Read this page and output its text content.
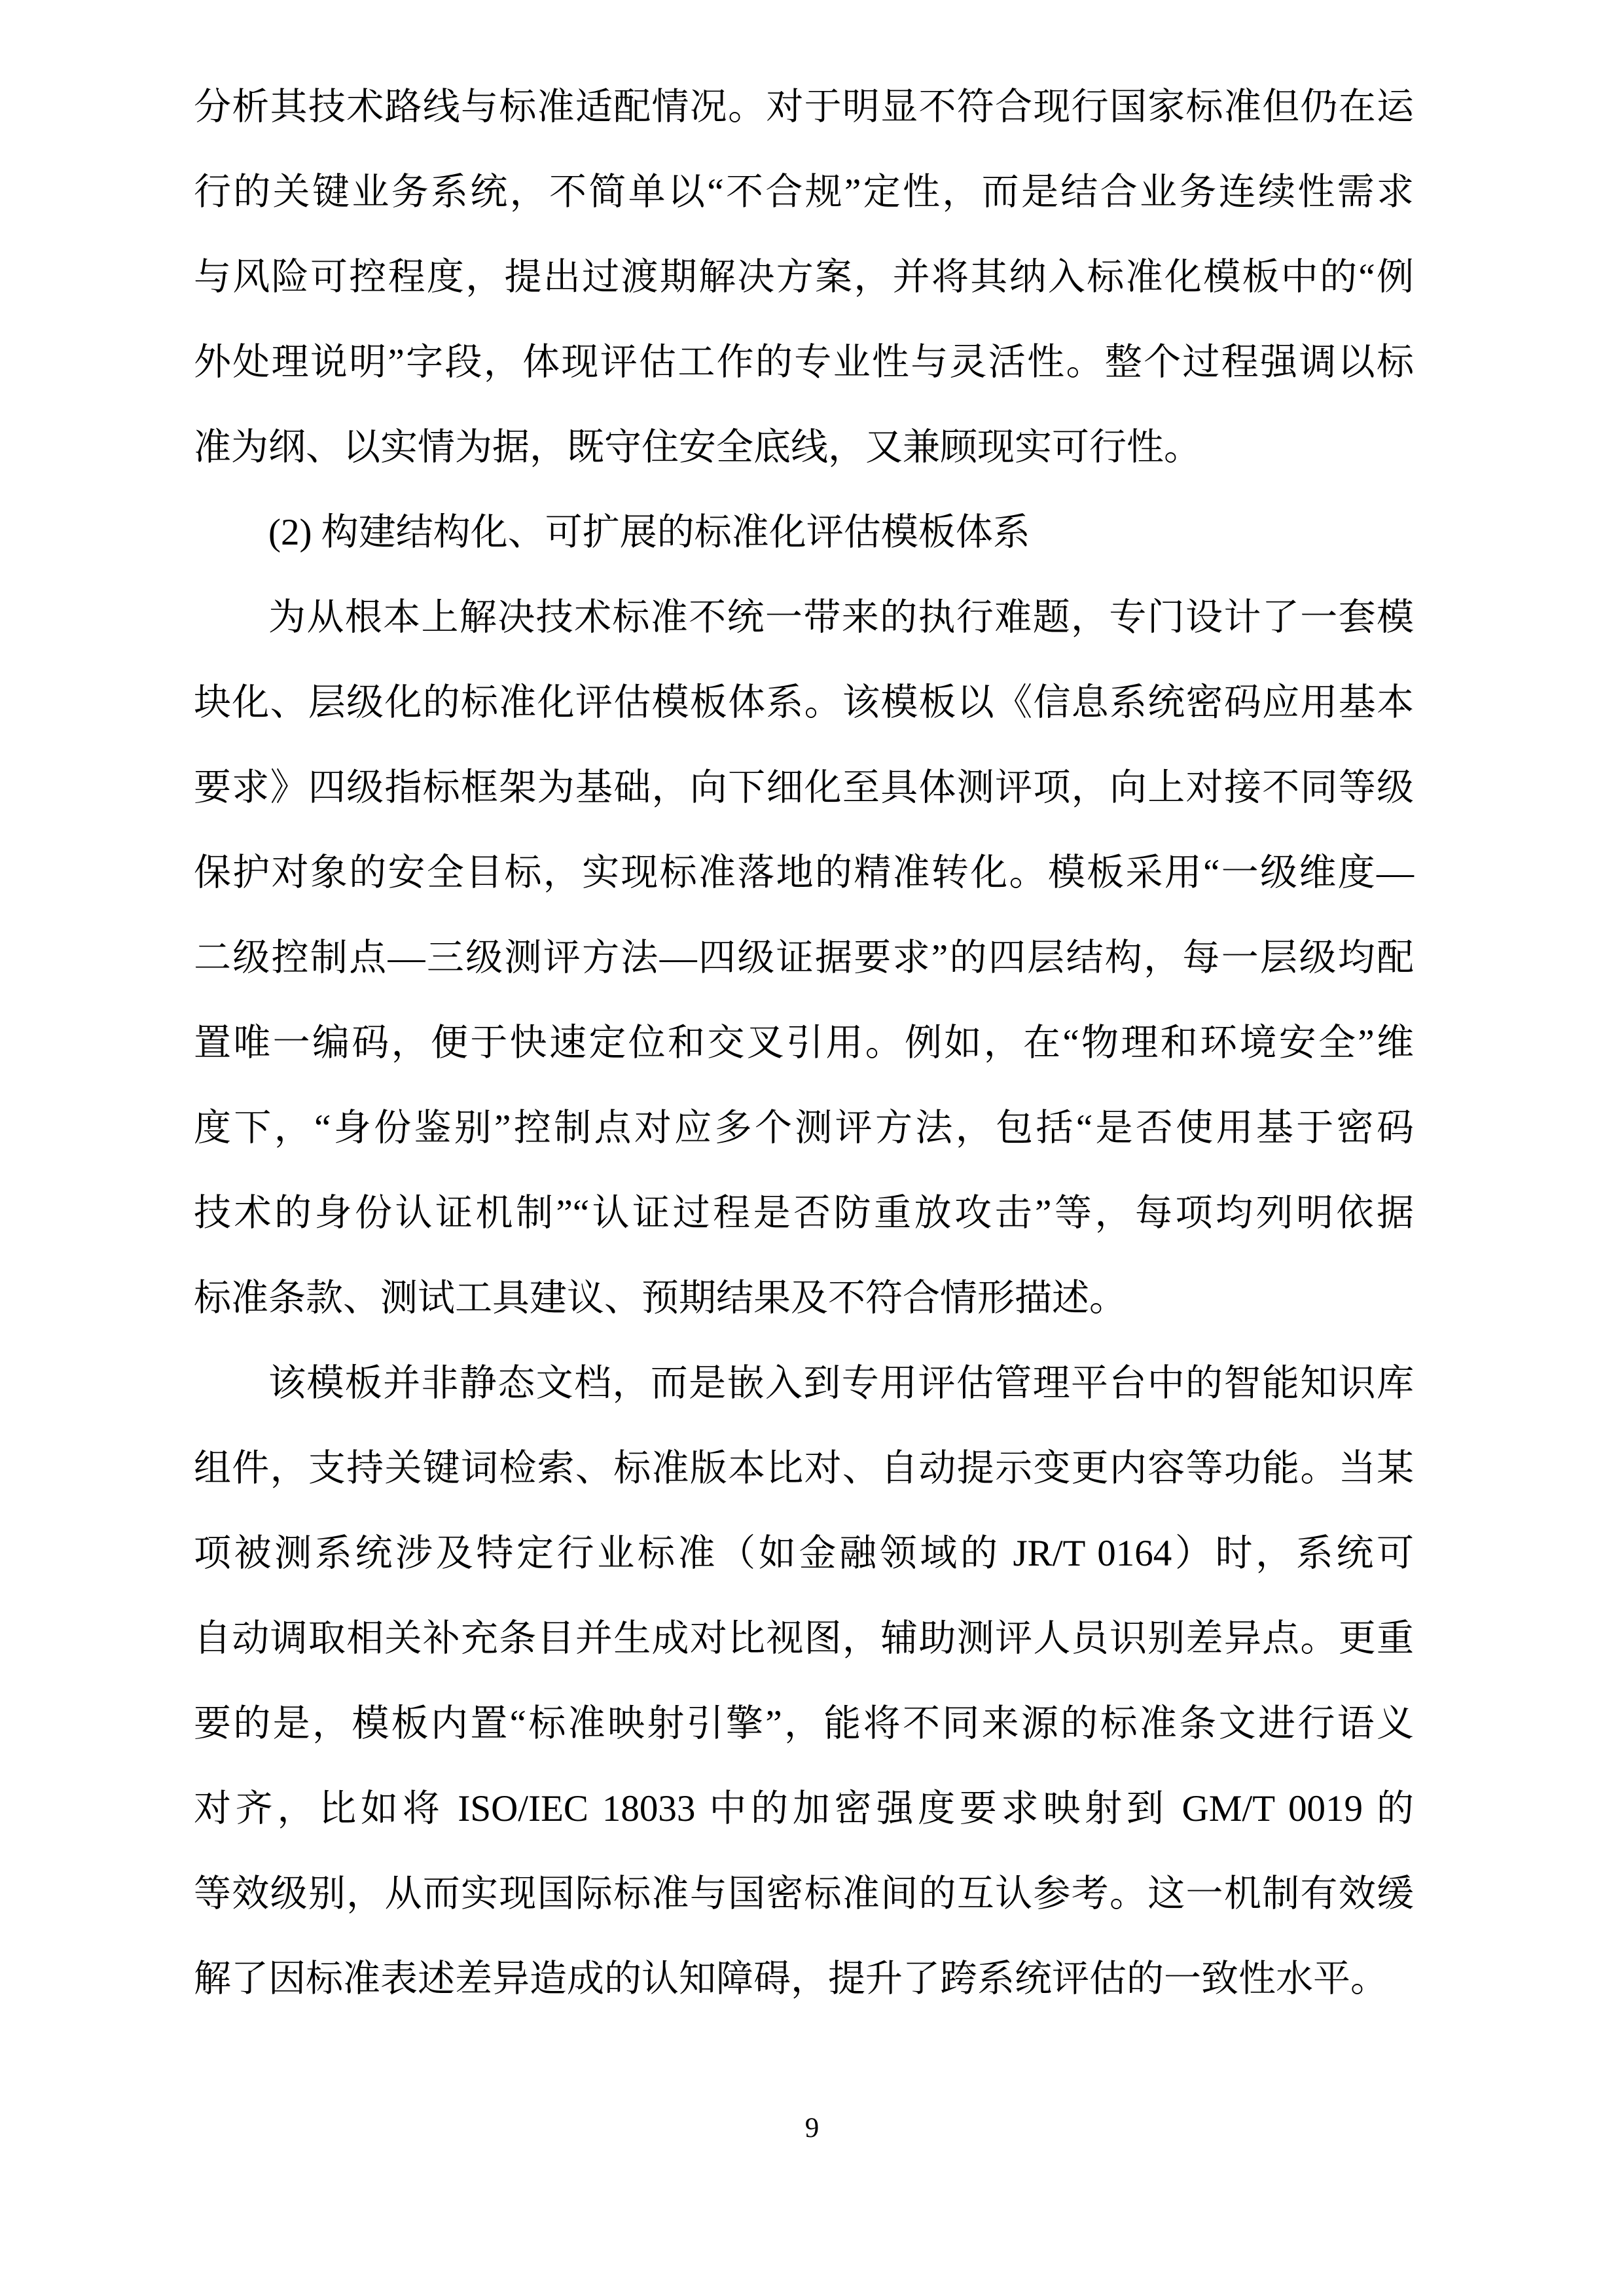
分析其技术路线与标准适配情况。对于明显不符合现行国家标准但仍在运
行的关键业务系统，不简单以“不合规”定性，而是结合业务连续性需求
与风险可控程度，提出过渡期解决方案，并将其纳入标准化模板中的“例
外处理说明”字段，体现评估工作的专业性与灵活性。整个过程强调以标
准为纲、以实情为据，既守住安全底线，又兼顾现实可行性。
(2) 构建结构化、可扩展的标准化评估模板体系
为从根本上解决技术标准不统一带来的执行难题，专门设计了一套模
块化、层级化的标准化评估模板体系。该模板以《信息系统密码应用基本
要求》四级指标框架为基础，向下细化至具体测评项，向上对接不同等级
保护对象的安全目标，实现标准落地的精准转化。模板采用“一级维度—
二级控制点—三级测评方法—四级证据要求”的四层结构，每一层级均配
置唯一编码，便于快速定位和交叉引用。例如，在“物理和环境安全”维
度下，“身份鉴别”控制点对应多个测评方法，包括“是否使用基于密码
技术的身份认证机制”“认证过程是否防重放攻击”等，每项均列明依据
标准条款、测试工具建议、预期结果及不符合情形描述。
该模板并非静态文档，而是嵌入到专用评估管理平台中的智能知识库
组件，支持关键词检索、标准版本比对、自动提示变更内容等功能。当某
项被测系统涉及特定行业标准（如金融领域的 JR/T 0164）时，系统可
自动调取相关补充条目并生成对比视图，辅助测评人员识别差异点。更重
要的是，模板内置“标准映射引擎”，能将不同来源的标准条文进行语义
对齐，比如将 ISO/IEC 18033 中的加密强度要求映射到 GM/T 0019 的
等效级别，从而实现国际标准与国密标准间的互认参考。这一机制有效缓
解了因标准表述差异造成的认知障碍，提升了跨系统评估的一致性水平。
9
